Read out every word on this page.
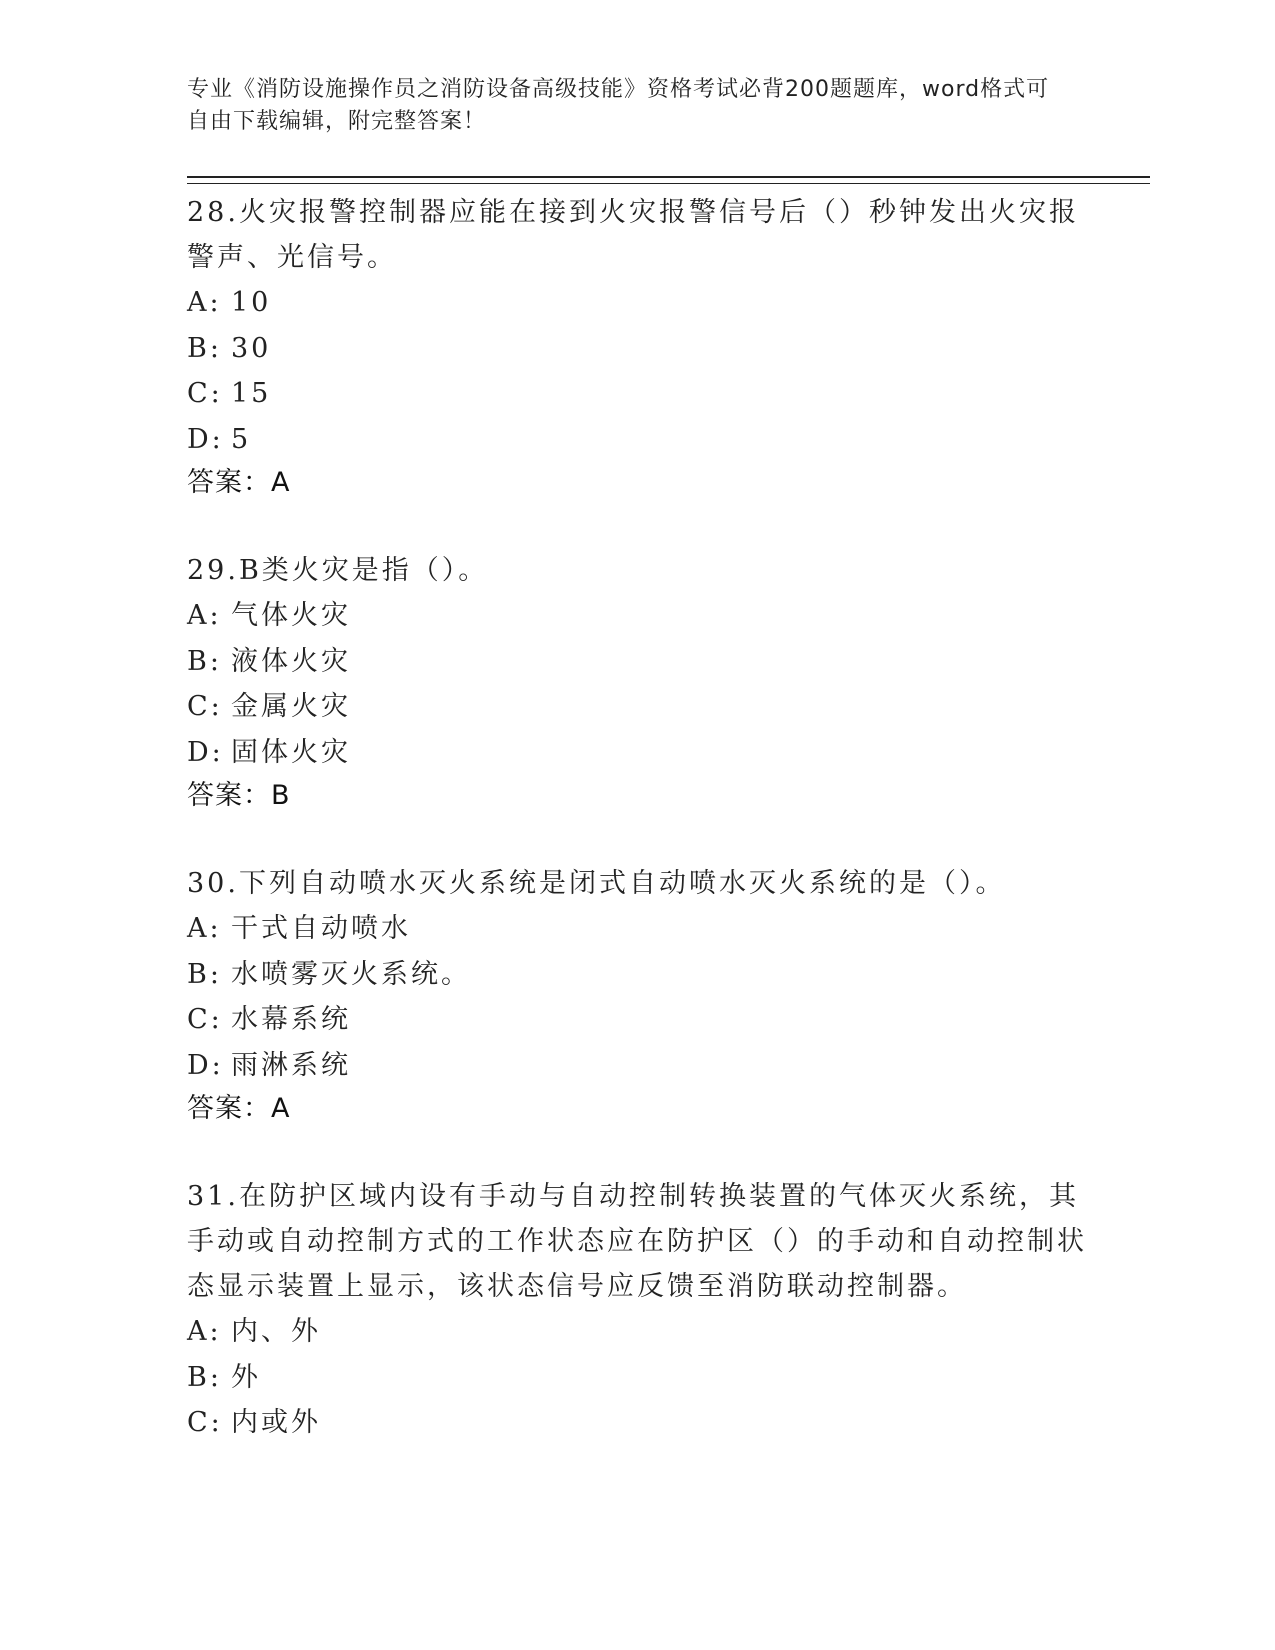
专业《消防设施操作员之消防设备高级技能》资格考试必背200题题库，word格式可自由下载编辑，附完整答案！
28.火灾报警控制器应能在接到火灾报警信号后（）秒钟发出火灾报警声、光信号。
A: 10
B: 30
C: 15
D: 5
答案：A
29.B类火灾是指（）。
A: 气体火灾
B: 液体火灾
C: 金属火灾
D: 固体火灾
答案：B
30.下列自动喷水灭火系统是闭式自动喷水灭火系统的是（）。
A: 干式自动喷水
B: 水喷雾灭火系统。
C: 水幕系统
D: 雨淋系统
答案：A
31.在防护区域内设有手动与自动控制转换装置的气体灭火系统，其手动或自动控制方式的工作状态应在防护区（）的手动和自动控制状态显示装置上显示，该状态信号应反馈至消防联动控制器。
A: 内、外
B: 外
C: 内或外
